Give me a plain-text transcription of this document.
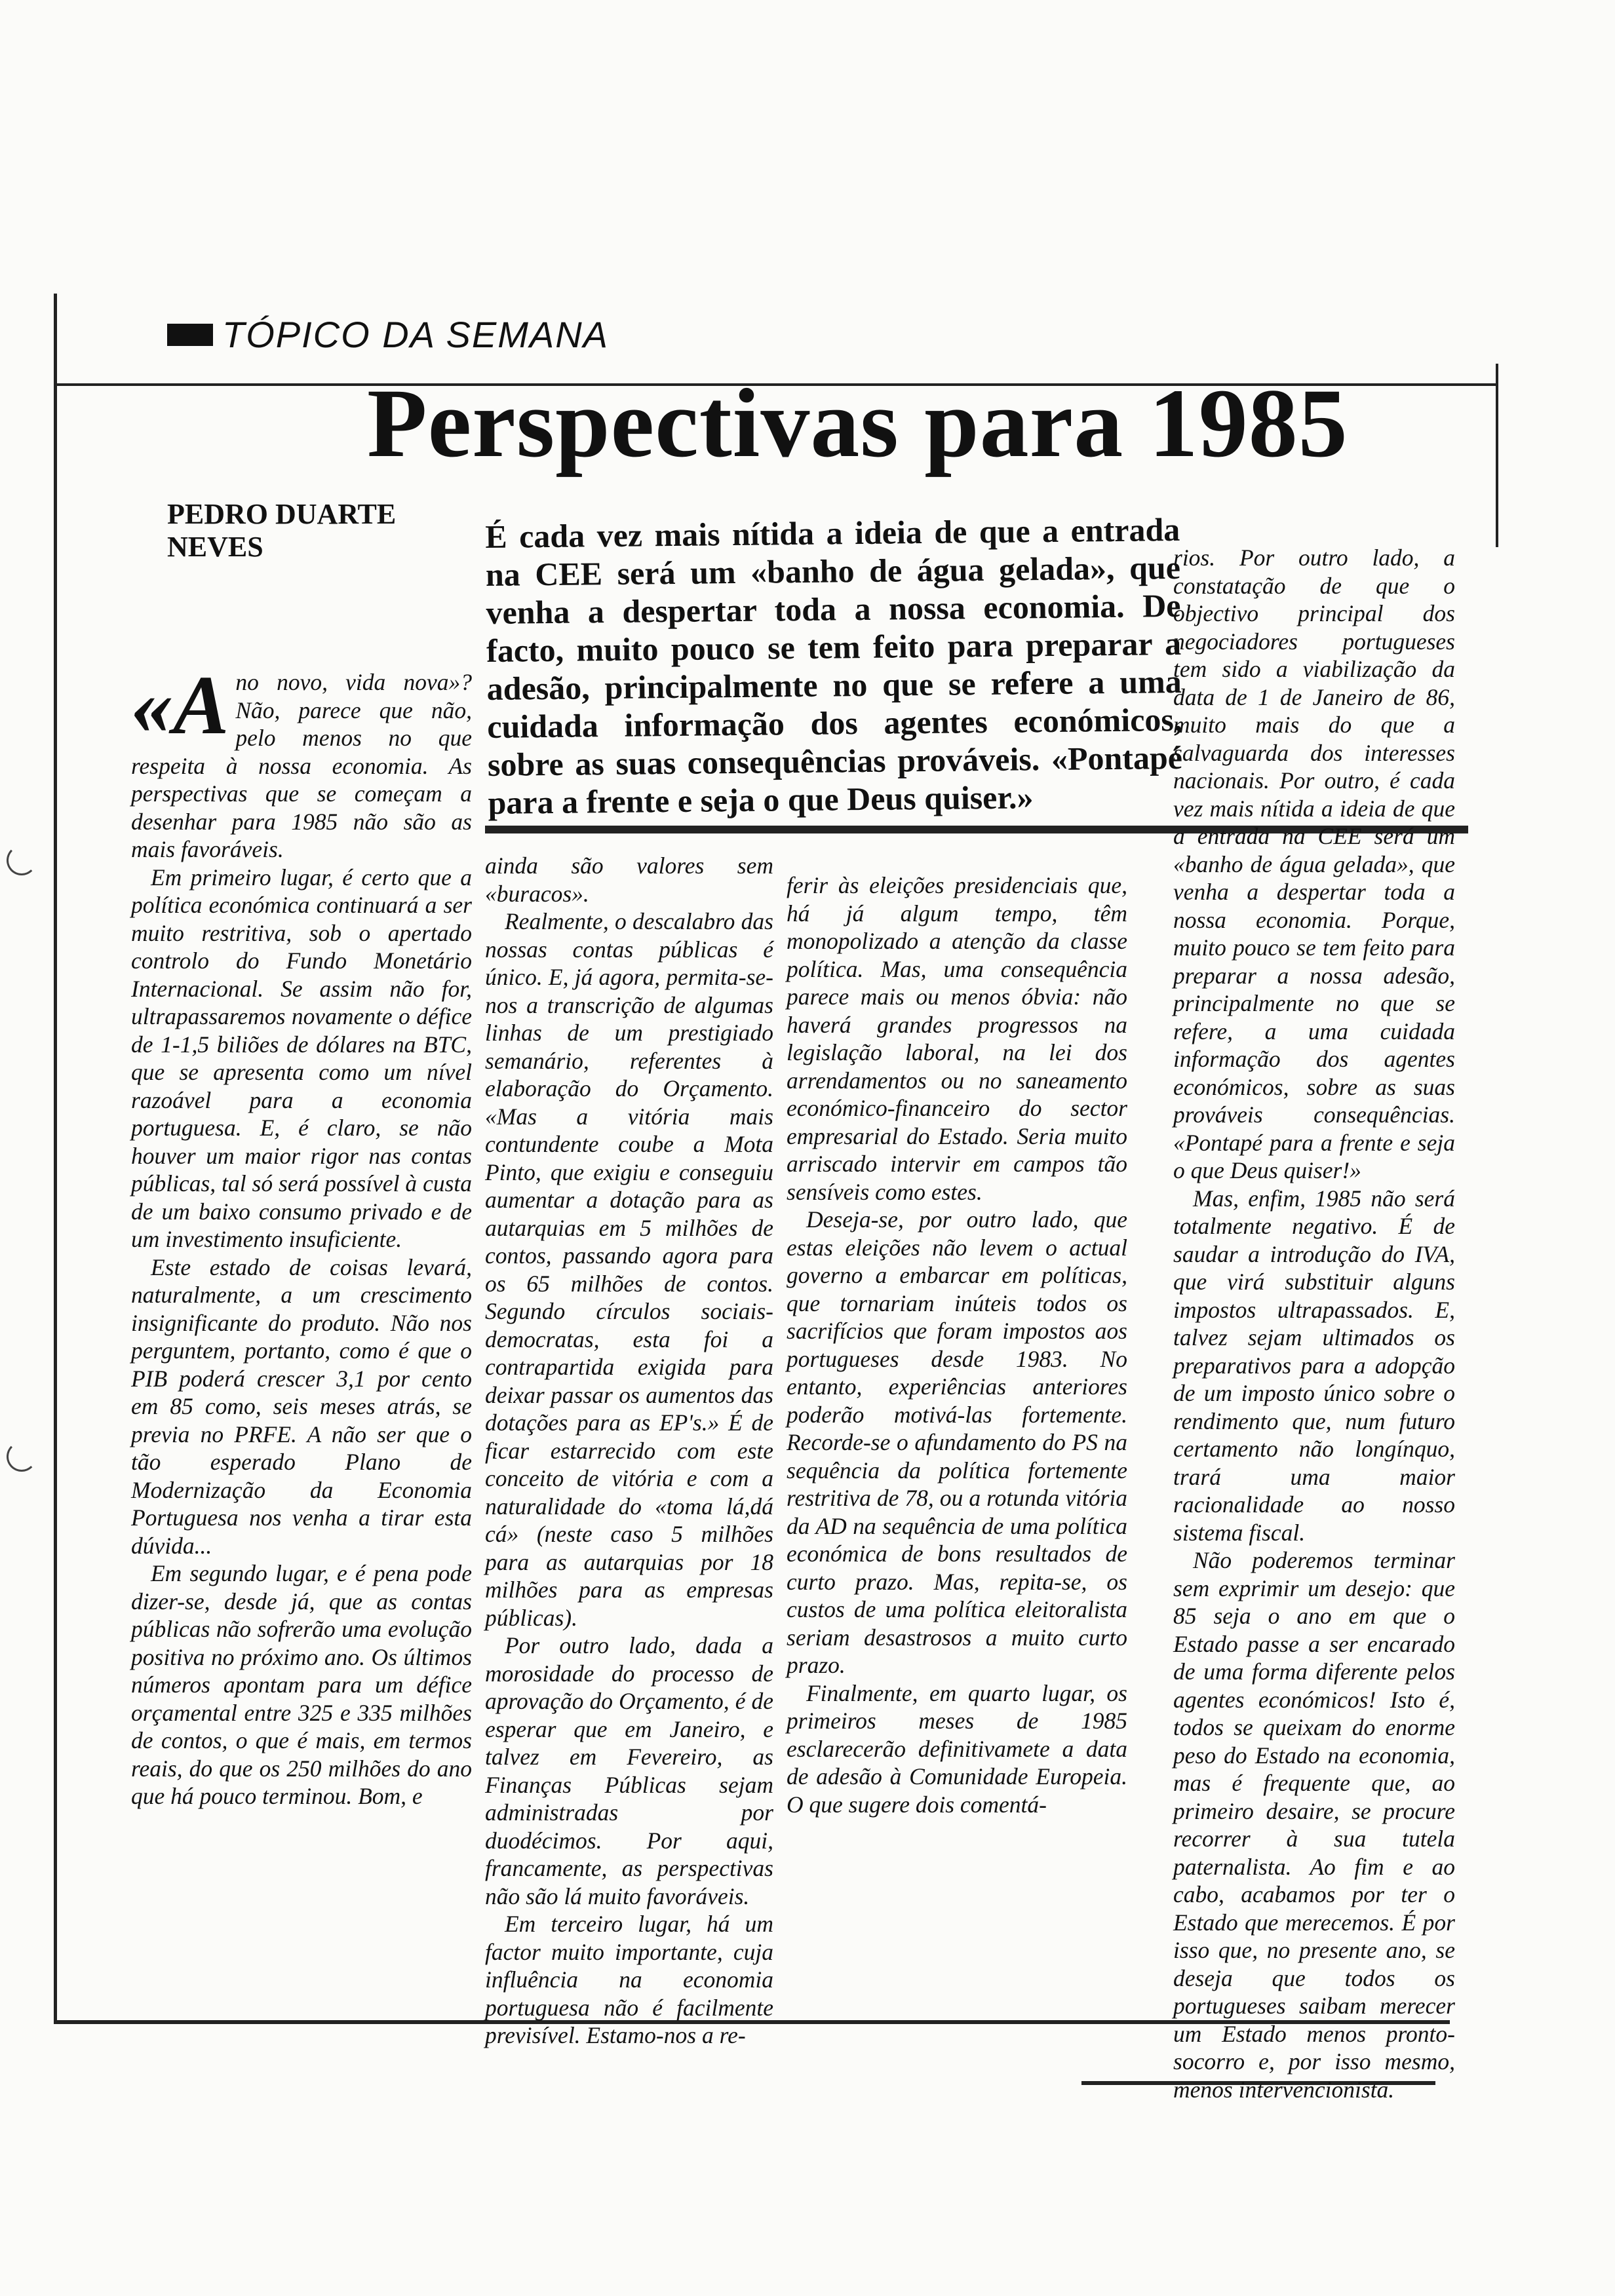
TÓPICO DA SEMANA
Perspectivas para 1985
PEDRO DUARTE
NEVES	É cada vez mais nítida a ideia de que a entrada na CEE será um «banho de água gelada», que venha a despertar toda a nossa economia. De facto, muito pouco se tem feito para preparar a adesão, principalmente no que se refere a uma cuidada informação dos agentes económicos, sobre as suas consequências prováveis. «Pontapé para a frente e seja o que Deus quiser.»

«Ano novo, vida nova»? Não, parece que não, pelo menos no que respeita à nossa economia. As perspectivas que se começam a desenhar para 1985 não são as mais favoráveis.

Em primeiro lugar, é certo que a política económica continuará a ser muito restritiva, sob o apertado controlo do Fundo Monetário Internacional. Se assim não for, ultrapassaremos novamente o défice de 1-1,5 biliões de dólares na BTC, que se apresenta como um nível razoável para a economia portuguesa. E, é claro, se não houver um maior rigor nas contas públicas, tal só será possível à custa de um baixo consumo privado e de um investimento insuficiente.

Este estado de coisas levará, naturalmente, a um crescimento insignificante do produto. Não nos perguntem, portanto, como é que o PIB poderá crescer 3,1 por cento em 85 como, seis meses atrás, se previa no PRFE. A não ser que o tão esperado Plano de Modernização da Economia Portuguesa nos venha a tirar esta dúvida...

Em segundo lugar, e é pena pode dizer-se, desde já, que as contas públicas não sofrerão uma evolução positiva no próximo ano. Os últimos números apontam para um défice orçamental entre 325 e 335 milhões de contos, o que é mais, em termos reais, do que os 250 milhões do ano que há pouco terminou. Bom, e

ainda são valores sem «buracos».

Realmente, o descalabro das nossas contas públicas é único. E, já agora, permita-se-nos a transcrição de algumas linhas de um prestigiado semanário, referentes à elaboração do Orçamento. «Mas a vitória mais contundente coube a Mota Pinto, que exigiu e conseguiu aumentar a dotação para as autarquias em 5 milhões de contos, passando agora para os 65 milhões de contos. Segundo círculos sociais-democratas, esta foi a contrapartida exigida para deixar passar os aumentos das dotações para as EP's.» É de ficar estarrecido com este conceito de vitória e com a naturalidade do «toma lá,dá cá» (neste caso 5 milhões para as autarquias por 18 milhões para as empresas públicas).

Por outro lado, dada a morosidade do processo de aprovação do Orçamento, é de esperar que em Janeiro, e talvez em Fevereiro, as Finanças Públicas sejam administradas por duodécimos. Por aqui, francamente, as perspectivas não são lá muito favoráveis.

Em terceiro lugar, há um factor muito importante, cuja influência na economia portuguesa não é facilmente previsível. Estamo-nos a re-

ferir às eleições presidenciais que, há já algum tempo, têm monopolizado a atenção da classe política. Mas, uma consequência parece mais ou menos óbvia: não haverá grandes progressos na legislação laboral, na lei dos arrendamentos ou no saneamento económico-financeiro do sector empresarial do Estado. Seria muito arriscado intervir em campos tão sensíveis como estes.

Deseja-se, por outro lado, que estas eleições não levem o actual governo a embarcar em políticas, que tornariam inúteis todos os sacrifícios que foram impostos aos portugueses desde 1983. No entanto, experiências anteriores poderão motivá-las fortemente. Recorde-se o afundamento do PS na sequência da política fortemente restritiva de 78, ou a rotunda vitória da AD na sequência de uma política económica de bons resultados de curto prazo. Mas, repita-se, os custos de uma política eleitoralista seriam desastrosos a muito curto prazo.

Finalmente, em quarto lugar, os primeiros meses de 1985 esclarecerão definitivamete a data de adesão à Comunidade Europeia. O que sugere dois comentá-

rios. Por outro lado, a constatação de que o objectivo principal dos negociadores portugueses tem sido a viabilização da data de 1 de Janeiro de 86, muito mais do que a salvaguarda dos interesses nacionais. Por outro, é cada vez mais nítida a ideia de que a entrada na CEE será um «banho de água gelada», que venha a despertar toda a nossa economia. Porque, muito pouco se tem feito para preparar a nossa adesão, principalmente no que se refere, a uma cuidada informação dos agentes económicos, sobre as suas prováveis consequências. «Pontapé para a frente e seja o que Deus quiser!»

Mas, enfim, 1985 não será totalmente negativo. É de saudar a introdução do IVA, que virá substituir alguns impostos ultrapassados. E, talvez sejam ultimados os preparativos para a adopção de um imposto único sobre o rendimento que, num futuro certamento não longínquo, trará uma maior racionalidade ao nosso sistema fiscal.

Não poderemos terminar sem exprimir um desejo: que 85 seja o ano em que o Estado passe a ser encarado de uma forma diferente pelos agentes económicos! Isto é, todos se queixam do enorme peso do Estado na economia, mas é frequente que, ao primeiro desaire, se procure recorrer à sua tutela paternalista. Ao fim e ao cabo, acabamos por ter o Estado que merecemos. É por isso que, no presente ano, se deseja que todos os portugueses saibam merecer um Estado menos pronto-socorro e, por isso mesmo, menos intervencionista.
